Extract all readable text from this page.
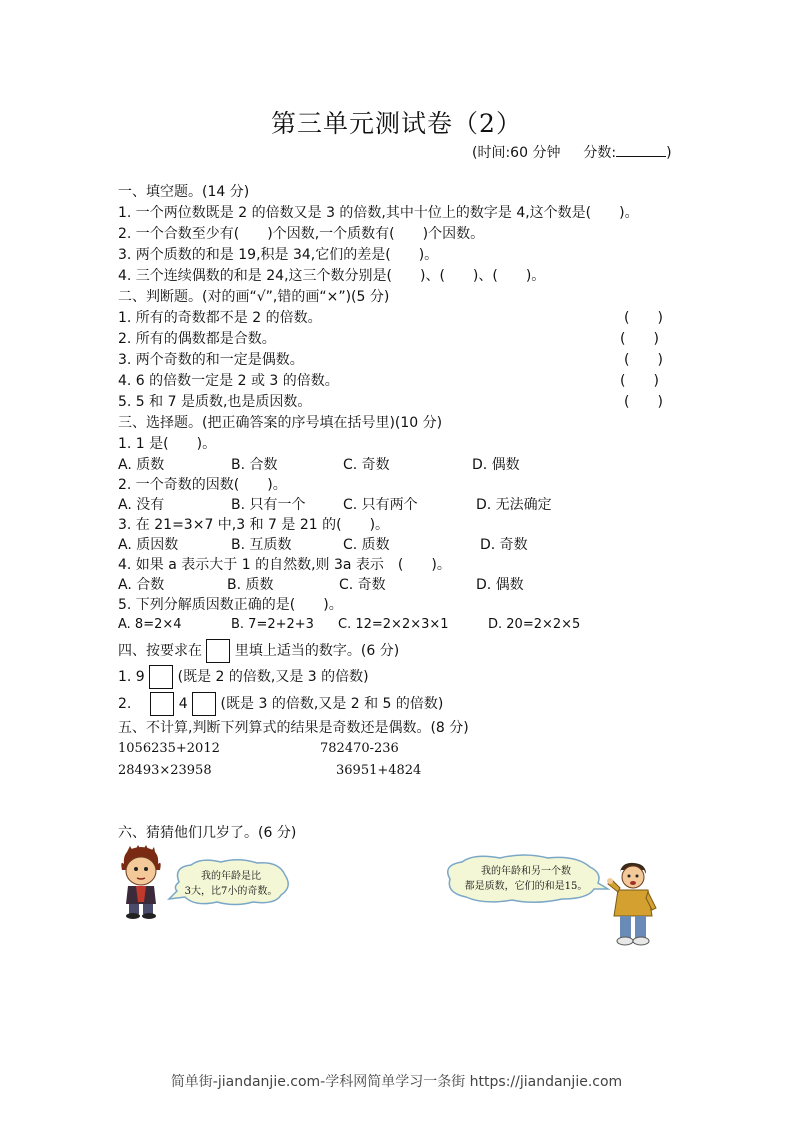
第三单元测试卷（2）
(时间:60 分钟 分数:	)
一、填空题。(14 分)
1. 一个两位数既是 2 的倍数又是 3 的倍数,其中十位上的数字是 4,这个数是(　　)。
2. 一个合数至少有(　　)个因数,一个质数有(　　)个因数。
3. 两个质数的和是 19,积是 34,它们的差是(　　)。
4. 三个连续偶数的和是 24,这三个数分别是(　　)、(　　)、(　　)。
二、判断题。(对的画“√”,错的画“×”)(5 分)
1. 所有的奇数都不是 2 的倍数。	(　　)
2. 所有的偶数都是合数。	(　　)
3. 两个奇数的和一定是偶数。	(　　)
4. 6 的倍数一定是 2 或 3 的倍数。	(　　)
5. 5 和 7 是质数,也是质因数。	(　　)
三、选择题。(把正确答案的序号填在括号里)(10 分)
1. 1 是(　　)。
A. 质数	B. 合数	C. 奇数	D. 偶数
2. 一个奇数的因数(　　)。
A. 没有	B. 只有一个	C. 只有两个	D. 无法确定
3. 在 21=3×7 中,3 和 7 是 21 的(　　)。
A. 质因数	B. 互质数	C. 质数	D. 奇数
4. 如果 a 表示大于 1 的自然数,则 3a 表示　(　　)。
A. 合数	B. 质数	C. 奇数	D. 偶数
5. 下列分解质因数正确的是(　　)。
A. 8=2×4	B. 7=2+2+3 C. 12=2×2×3×1	D. 20=2×2×5
四、按要求在 里填上适当的数字。(6 分)
1. 9 (既是 2 的倍数,又是 3 的倍数)
2.	4 (既是 3 的倍数,又是 2 和 5 的倍数)
五、不计算,判断下列算式的结果是奇数还是偶数。(8 分)
1056235+2012	782470-236
28493×23958	36951+4824
六、猜猜他们几岁了。(6 分)
我的年龄是比
3大，比7小的奇数。
我的年龄和另一个数
都是质数，它们的和是15。
简单街-jiandanjie.com-学科网简单学习一条街 https://jiandanjie.com
